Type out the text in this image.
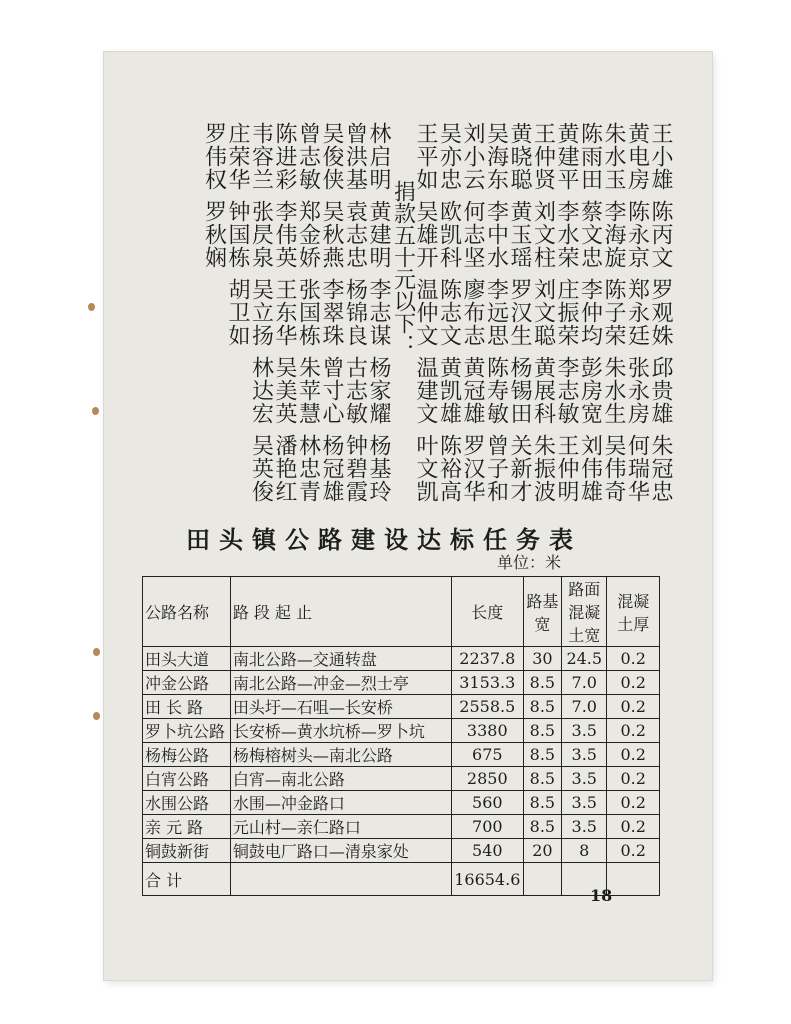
王小雄
陈丙文
罗观姝
邱贵雄
朱冠忠
黄电房
陈永京
郑永廷
张永房
何瑞华
朱水玉
李海旋
陈子荣
朱水生
吴伟奇
陈雨田
蔡文忠
李仲均
彭房宽
刘伟雄
黄建平
李水荣
庄振荣
李志敏
王仲明
王仲贤
刘文柱
刘文聪
黄展科
朱振波
黄晓聪
黄玉瑶
罗汉生
杨锡田
关新才
吴海东
李中水
李远思
陈寿敏
曾子和
刘小云
何志坚
廖布志
黄冠雄
罗汉华
吴亦忠
欧凯科
陈志文
黄凯雄
陈裕高
王平如
吴雄开
温仲文
温建文
叶文凯
捐款五十元以下：
林启明
黄建明
李志谋
杨家耀
杨基玲
曾洪基
袁志忠
杨锦良
古志敏
钟碧霞
吴俊侠
吴秋燕
李翠珠
曾寸心
杨冠雄
曾志敏
郑金娇
张国栋
朱苹慧
林忠青
陈进彩
李伟英
王东华
吴美英
潘艳红
韦容兰
张昃泉
吴立扬
林达宏
吴英俊
庄荣华
钟国栋
胡卫如
罗伟权
罗秋娴
田头镇公路建设达标任务表
单位：米
公路名称	路 段 起 止	长度	路基宽	路面混凝土宽	混凝土厚
田头大道	南北公路—交通转盘	2237.8	30	24.5	0.2
冲金公路	南北公路—冲金—烈士亭	3153.3	8.5	7.0	0.2
田 长 路	田头圩—石咀—长安桥	2558.5	8.5	7.0	0.2
罗卜坑公路	长安桥—黄水坑桥—罗卜坑	3380	8.5	3.5	0.2
杨梅公路	杨梅榕树头—南北公路	675	8.5	3.5	0.2
白宵公路	白宵—南北公路	2850	8.5	3.5	0.2
水围公路	水围—冲金路口	560	8.5	3.5	0.2
亲 元 路	元山村—亲仁路口	700	8.5	3.5	0.2
铜鼓新街	铜鼓电厂路口—清泉家处	540	20	8	0.2
合 计		16654.6			
18
